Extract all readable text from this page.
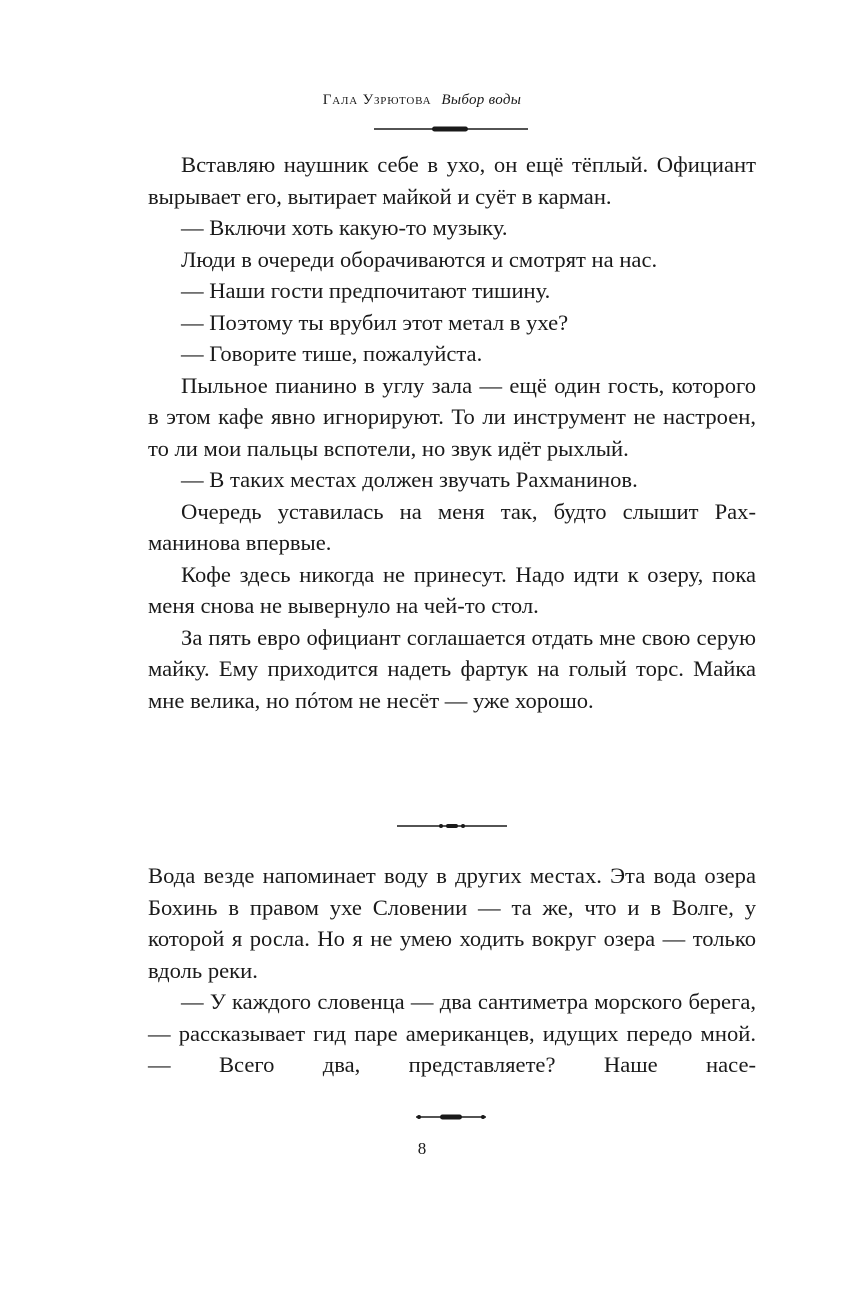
Гала Узрютова Выбор воды

Вставляю наушник себе в ухо, он ещё тёплый. Официант вырывает его, вытирает майкой и суёт в карман.

— Включи хоть какую-то музыку.

Люди в очереди оборачиваются и смотрят на нас.

— Наши гости предпочитают тишину.

— Поэтому ты врубил этот метал в ухе?

— Говорите тише, пожалуйста.

Пыльное пианино в углу зала — ещё один гость, которого в этом кафе явно игнорируют. То ли инструмент не настроен, то ли мои пальцы вспотели, но звук идёт рыхлый.

— В таких местах должен звучать Рахманинов.

Очередь уставилась на меня так, будто слышит Рахманинова впервые.

Кофе здесь никогда не принесут. Надо идти к озеру, пока меня снова не вывернуло на чей-то стол.

За пять евро официант соглашается отдать мне свою серую майку. Ему приходится надеть фартук на голый торс. Майка мне велика, но пóтом не несёт — уже хорошо.

Вода везде напоминает воду в других местах. Эта вода озера Бохинь в правом ухе Словении — та же, что и в Волге, у которой я росла. Но я не умею ходить вокруг озера — только вдоль реки.

— У каждого словенца — два сантиметра морского берега, — рассказывает гид паре американцев, идущих передо мной. — Всего два, представляете? Наше насе-

8
